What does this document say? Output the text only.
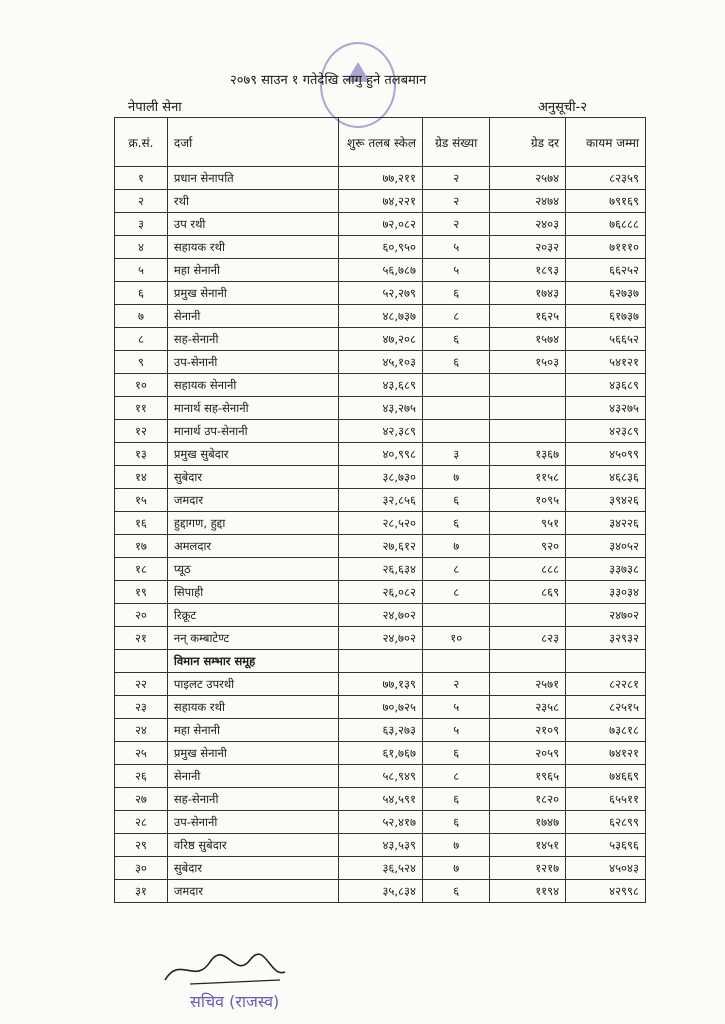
२०७९ साउन १ गतेदेखि लागु हुने तलबमान
नेपाली सेना	अनुसूची-२
क्र.सं.	दर्जा	शुरू तलब स्केल	ग्रेड संख्या	ग्रेड दर	कायम जम्मा
१	प्रधान सेनापति	७७,२११	२	२५७४	८२३५९
२	रथी	७४,२२१	२	२४७४	७९१६९
३	उप रथी	७२,०८२	२	२४०३	७६८८८
४	सहायक रथी	६०,९५०	५	२०३२	७१११०
५	महा सेनानी	५६,७८७	५	१८९३	६६२५२
६	प्रमुख सेनानी	५२,२७९	६	१७४३	६२७३७
७	सेनानी	४८,७३७	८	१६२५	६१७३७
८	सह-सेनानी	४७,२०८	६	१५७४	५६६५२
९	उप-सेनानी	४५,१०३	६	१५०३	५४१२१
१०	सहायक सेनानी	४३,६८९			४३६८९
११	मानार्थ सह-सेनानी	४३,२७५			४३२७५
१२	मानार्थ उप-सेनानी	४२,३८९			४२३८९
१३	प्रमुख सुबेदार	४०,९९८	३	१३६७	४५०९९
१४	सुबेदार	३८,७३०	७	११५८	४६८३६
१५	जमदार	३२,८५६	६	१०९५	३९४२६
१६	हुद्दागण, हुद्दा	२८,५२०	६	९५१	३४२२६
१७	अमलदार	२७,६१२	७	९२०	३४०५२
१८	प्यूठ	२६,६३४	८	८८८	३३७३८
१९	सिपाही	२६,०८२	८	८६९	३३०३४
२०	रिक्रूट	२४,७०२			२४७०२
२१	नन् कम्बाटेण्ट	२४,७०२	१०	८२३	३२९३२
	विमान सम्भार समूह				
२२	पाइलट उपरथी	७७,१३९	२	२५७१	८२२८१
२३	सहायक रथी	७०,७२५	५	२३५८	८२५१५
२४	महा सेनानी	६३,२७३	५	२१०९	७३८१८
२५	प्रमुख सेनानी	६१,७६७	६	२०५९	७४१२१
२६	सेनानी	५८,९४९	८	१९६५	७४६६९
२७	सह-सेनानी	५४,५९१	६	१८२०	६५५११
२८	उप-सेनानी	५२,४१७	६	१७४७	६२८९९
२९	वरिष्ठ सुबेदार	४३,५३९	७	१४५१	५३६९६
३०	सुबेदार	३६,५२४	७	१२१७	४५०४३
३१	जमदार	३५,८३४	६	११९४	४२९९८
सचिव (राजस्व)
